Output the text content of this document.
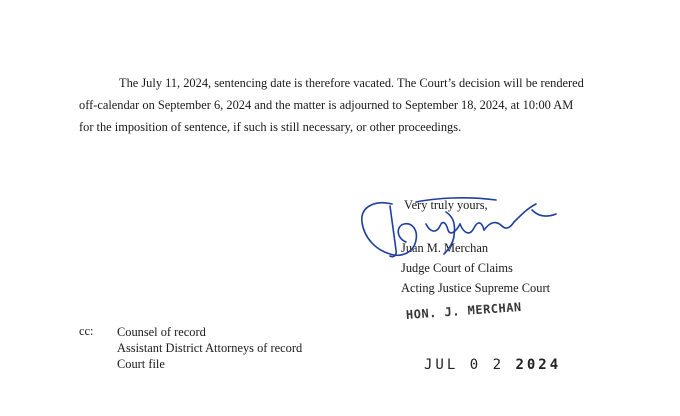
The July 11, 2024, sentencing date is therefore vacated. The Court’s decision will be rendered
off-calendar on September 6, 2024 and the matter is adjourned to September 18, 2024, at 10:00 AM
for the imposition of sentence, if such is still necessary, or other proceedings.

Very truly yours,

Juan M. Merchan
Judge Court of Claims
Acting Justice Supreme Court
HON. J. MERCHAN
JUL 0 2 2024
cc: Counsel of record
Assistant District Attorneys of record
Court file
